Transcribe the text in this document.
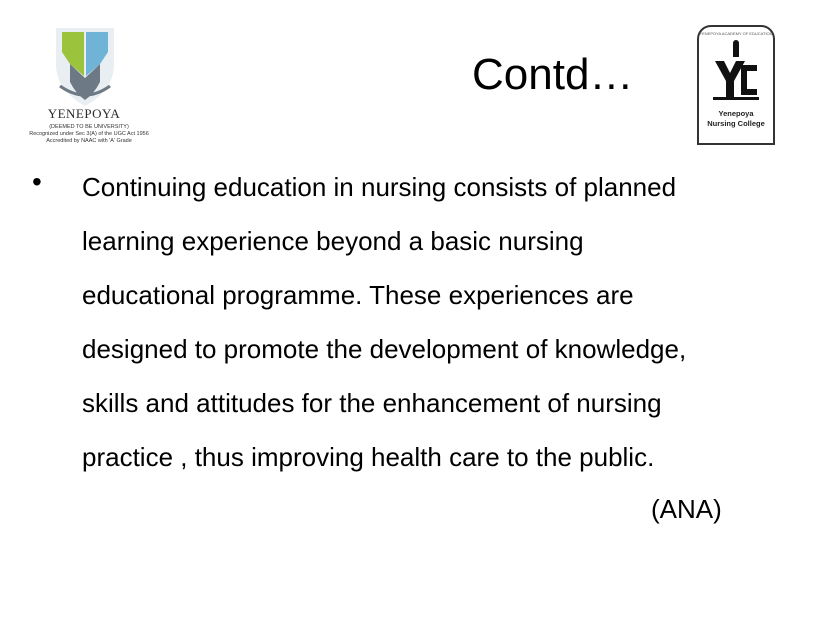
YENEPOYA
(DEEMED TO BE UNIVERSITY)
Recognized under Sec 3(A) of the UGC Act 1956
Accredited by NAAC with 'A' Grade
YENEPOYA ACADEMY OF EDUCATION
Yenepoya
Nursing College
Contd…
• Continuing education in nursing consists of planned
learning experience beyond a basic nursing
educational programme. These experiences are
designed to promote the development of knowledge,
skills and attitudes for the enhancement of nursing
practice , thus improving health care to the public.
(ANA)
